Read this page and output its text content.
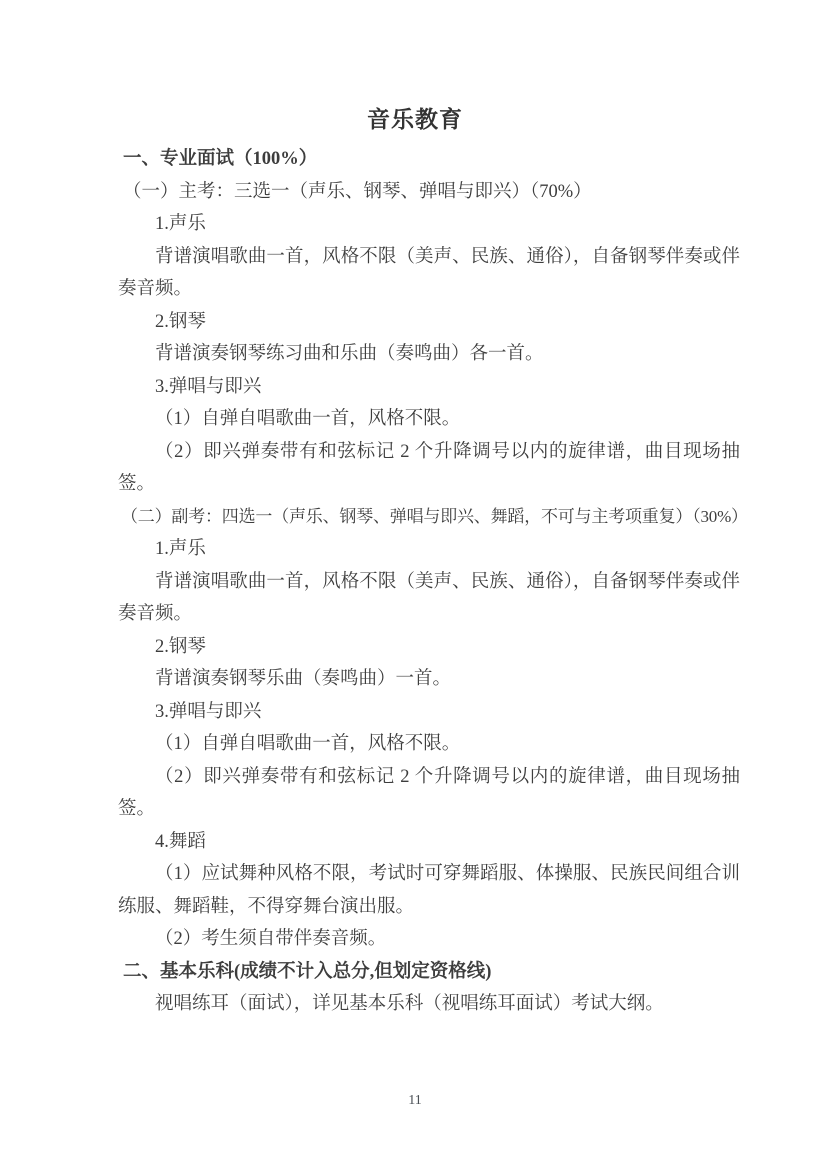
音乐教育

一、专业面试（100%）

（一）主考：三选一（声乐、钢琴、弹唱与即兴）（70%）

1.声乐

背谱演唱歌曲一首，风格不限（美声、民族、通俗），自备钢琴伴奏或伴奏音频。

2.钢琴

背谱演奏钢琴练习曲和乐曲（奏鸣曲）各一首。

3.弹唱与即兴

（1）自弹自唱歌曲一首，风格不限。

（2）即兴弹奏带有和弦标记 2 个升降调号以内的旋律谱，曲目现场抽签。

（二）副考：四选一（声乐、钢琴、弹唱与即兴、舞蹈，不可与主考项重复）（30%）

1.声乐

背谱演唱歌曲一首，风格不限（美声、民族、通俗），自备钢琴伴奏或伴奏音频。

2.钢琴

背谱演奏钢琴乐曲（奏鸣曲）一首。

3.弹唱与即兴

（1）自弹自唱歌曲一首，风格不限。

（2）即兴弹奏带有和弦标记 2 个升降调号以内的旋律谱，曲目现场抽签。

4.舞蹈

（1）应试舞种风格不限，考试时可穿舞蹈服、体操服、民族民间组合训练服、舞蹈鞋，不得穿舞台演出服。

（2）考生须自带伴奏音频。

二、基本乐科(成绩不计入总分,但划定资格线)

视唱练耳（面试），详见基本乐科（视唱练耳面试）考试大纲。

11
